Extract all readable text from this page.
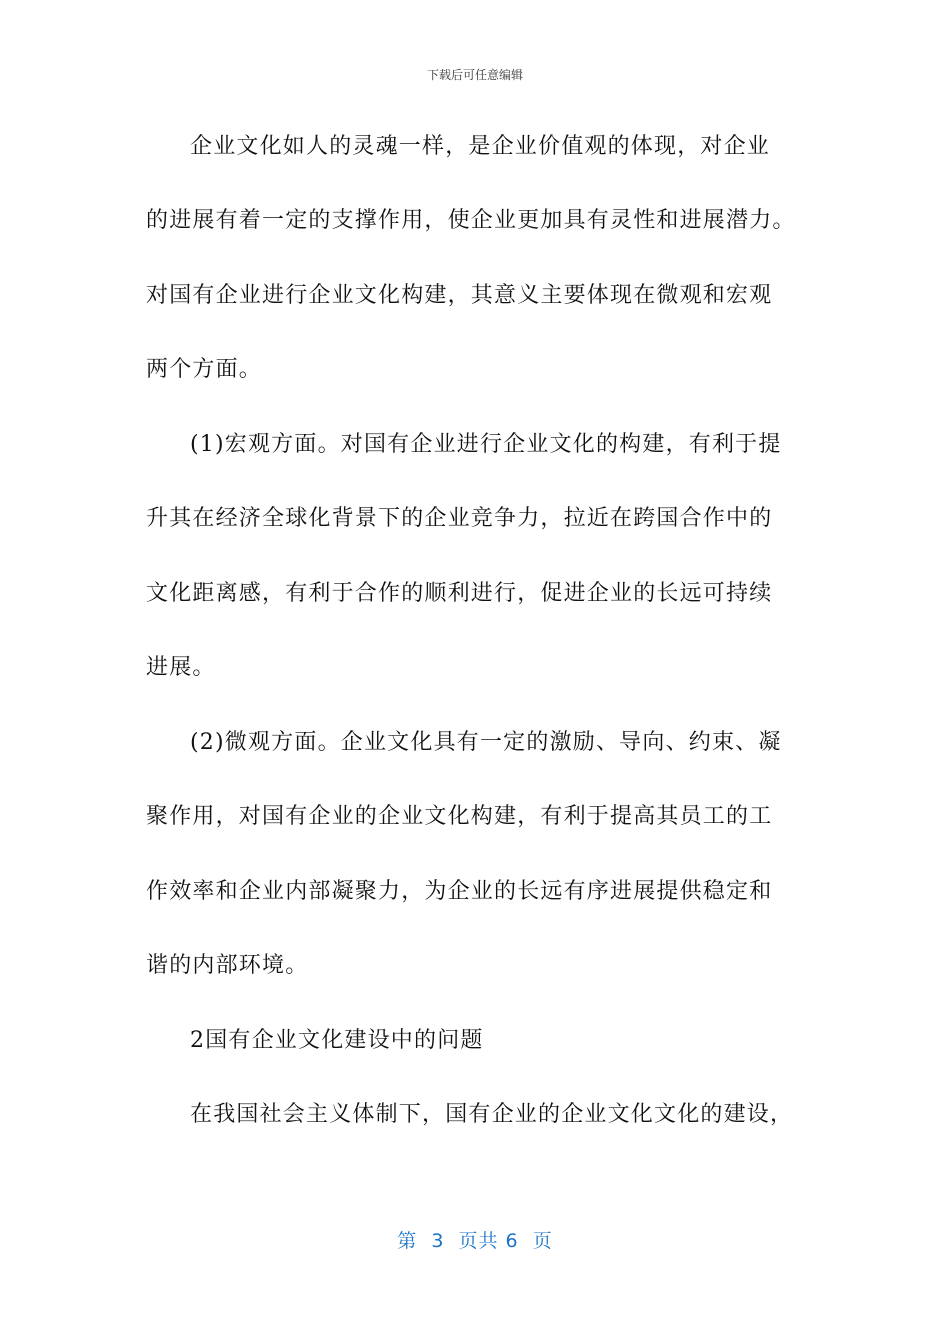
下载后可任意编辑
企业文化如人的灵魂一样，是企业价值观的体现，对企业
的进展有着一定的支撑作用，使企业更加具有灵性和进展潜力。
对国有企业进行企业文化构建，其意义主要体现在微观和宏观
两个方面。
(1)宏观方面。对国有企业进行企业文化的构建，有利于提
升其在经济全球化背景下的企业竞争力，拉近在跨国合作中的
文化距离感，有利于合作的顺利进行，促进企业的长远可持续
进展。
(2)微观方面。企业文化具有一定的激励、导向、约束、凝
聚作用，对国有企业的企业文化构建，有利于提高其员工的工
作效率和企业内部凝聚力，为企业的长远有序进展提供稳定和
谐的内部环境。
2国有企业文化建设中的问题
在我国社会主义体制下，国有企业的企业文化文化的建设，
第  3  页共 6  页
